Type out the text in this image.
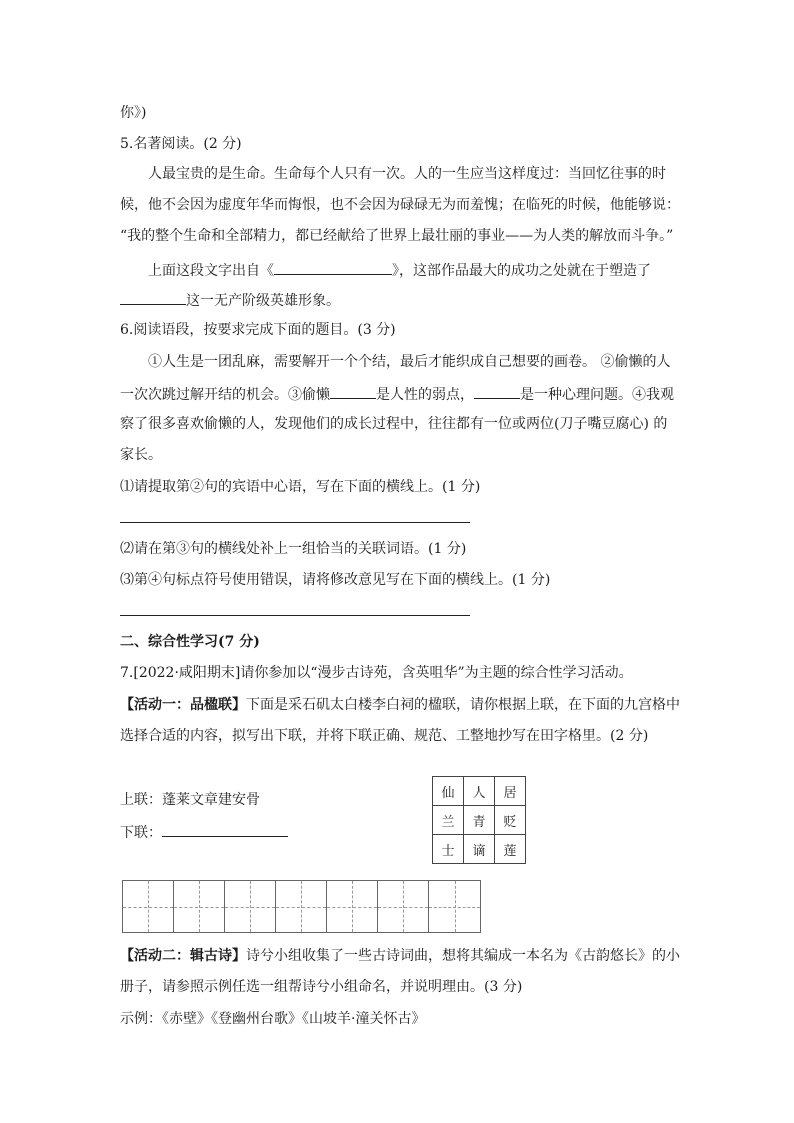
你》)
5.名著阅读。(2 分)
人最宝贵的是生命。生命每个人只有一次。人的一生应当这样度过：当回忆往事的时
候，他不会因为虚度年华而悔恨，也不会因为碌碌无为而羞愧；在临死的时候，他能够说：
“我的整个生命和全部精力，都已经献给了世界上最壮丽的事业——为人类的解放而斗争。”
上面这段文字出自《	》，这部作品最大的成功之处就在于塑造了
这一无产阶级英雄形象。
6.阅读语段，按要求完成下面的题目。(3 分)
①人生是一团乱麻，需要解开一个个结，最后才能织成自己想要的画卷。 ②偷懒的人
一次次跳过解开结的机会。③偷懒	是人性的弱点，	是一种心理问题。④我观
察了很多喜欢偷懒的人，发现他们的成长过程中，往往都有一位或两位(刀子嘴豆腐心) 的
家长。
⑴请提取第②句的宾语中心语，写在下面的横线上。(1 分)
⑵请在第③句的横线处补上一组恰当的关联词语。(1 分)
⑶第④句标点符号使用错误，请将修改意见写在下面的横线上。(1 分)
二、综合性学习(7 分)
7.[2022·咸阳期末]请你参加以“漫步古诗苑，含英咀华”为主题的综合性学习活动。
【活动一：品楹联】下面是采石矶太白楼李白祠的楹联，请你根据上联，在下面的九宫格中
选择合适的内容，拟写出下联，并将下联正确、规范、工整地抄写在田字格里。(2 分)
上联：蓬莱文章建安骨
下联：
仙	人	居
兰	青	贬
士	谪	莲
【活动二：辑古诗】诗兮小组收集了一些古诗词曲，想将其编成一本名为《古韵悠长》的小
册子，请参照示例任选一组帮诗兮小组命名，并说明理由。(3 分)
示例：《赤壁》《登幽州台歌》《山坡羊·潼关怀古》
